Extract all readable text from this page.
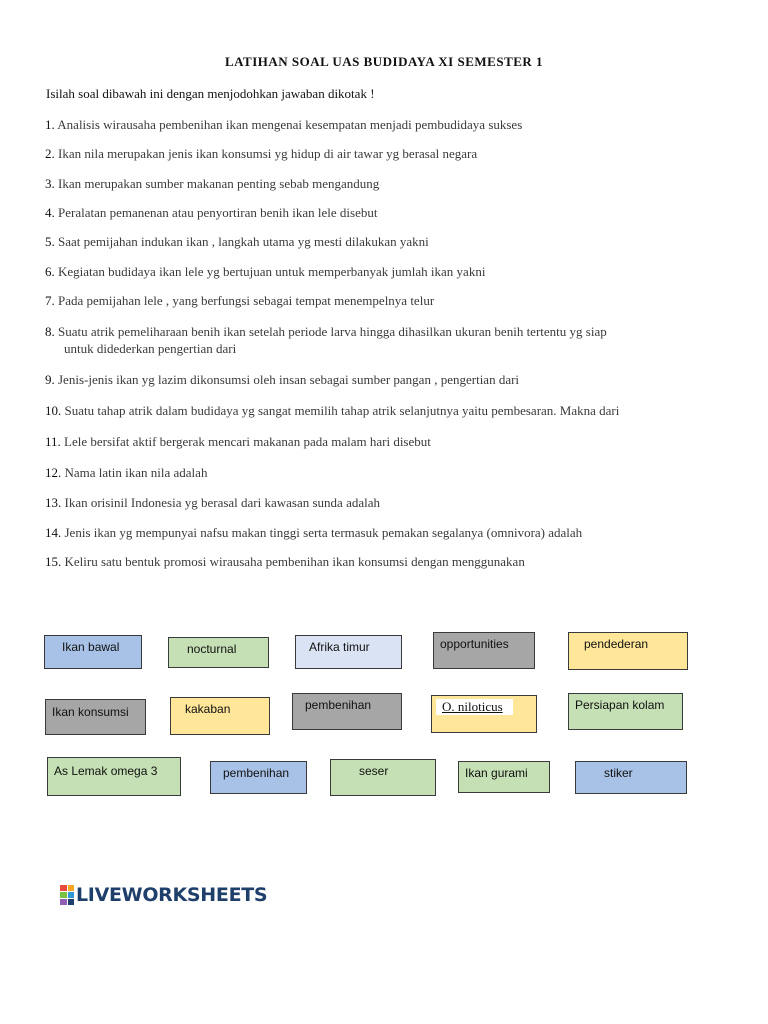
LATIHAN SOAL UAS BUDIDAYA XI SEMESTER 1
Isilah soal dibawah ini dengan menjodohkan jawaban dikotak !
1. Analisis wirausaha pembenihan ikan mengenai kesempatan menjadi pembudidaya sukses
2. Ikan nila merupakan jenis ikan konsumsi yg hidup di air tawar yg berasal negara
3. Ikan merupakan sumber makanan penting sebab mengandung
4. Peralatan pemanenan atau penyortiran benih ikan lele disebut
5. Saat pemijahan indukan ikan , langkah utama yg mesti dilakukan yakni
6. Kegiatan budidaya ikan lele yg bertujuan untuk memperbanyak jumlah ikan yakni
7. Pada pemijahan lele , yang berfungsi sebagai tempat menempelnya telur
8. Suatu atrik pemeliharaan benih ikan setelah periode larva hingga dihasilkan ukuran benih tertentu yg siap
untuk didederkan pengertian dari
9. Jenis-jenis ikan yg lazim dikonsumsi oleh insan sebagai sumber pangan , pengertian dari
10. Suatu tahap atrik dalam budidaya yg sangat memilih tahap atrik selanjutnya yaitu pembesaran. Makna dari
11. Lele bersifat aktif bergerak mencari makanan pada malam hari disebut
12. Nama latin ikan nila adalah
13. Ikan orisinil Indonesia yg berasal dari kawasan sunda adalah
14. Jenis ikan yg mempunyai nafsu makan tinggi serta termasuk pemakan segalanya (omnivora) adalah
15. Keliru satu bentuk promosi wirausaha pembenihan ikan konsumsi dengan menggunakan
Ikan bawal	nocturnal	Afrika timur	opportunities	pendederan
Ikan konsumsi	kakaban	pembenihan	O. niloticus	Persiapan kolam
As Lemak omega 3	pembenihan	seser	Ikan gurami	stiker
LIVEWORKSHEETS
